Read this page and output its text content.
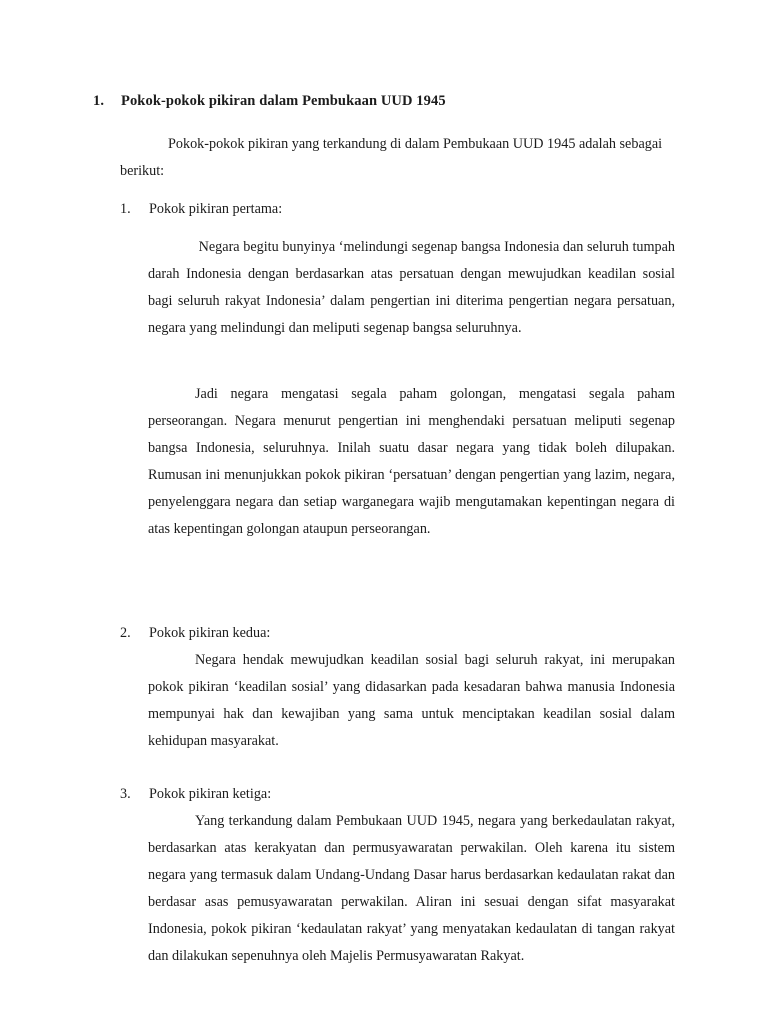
1. Pokok-pokok pikiran dalam Pembukaan UUD 1945
Pokok-pokok pikiran yang terkandung di dalam Pembukaan UUD 1945 adalah sebagai berikut:
1. Pokok pikiran pertama:
Negara begitu bunyinya ‘melindungi segenap bangsa Indonesia dan seluruh tumpah darah Indonesia dengan berdasarkan atas persatuan dengan mewujudkan keadilan sosial bagi seluruh rakyat Indonesia’ dalam pengertian ini diterima pengertian negara persatuan, negara yang melindungi dan meliputi segenap bangsa seluruhnya.
Jadi negara mengatasi segala paham golongan, mengatasi segala paham perseorangan. Negara menurut pengertian ini menghendaki persatuan meliputi segenap bangsa Indonesia, seluruhnya. Inilah suatu dasar negara yang tidak boleh dilupakan. Rumusan ini menunjukkan pokok pikiran ‘persatuan’ dengan pengertian yang lazim, negara, penyelenggara negara dan setiap warganegara wajib mengutamakan kepentingan negara di atas kepentingan golongan ataupun perseorangan.
2. Pokok pikiran kedua:
Negara hendak mewujudkan keadilan sosial bagi seluruh rakyat, ini merupakan pokok pikiran ‘keadilan sosial’ yang didasarkan pada kesadaran bahwa manusia Indonesia mempunyai hak dan kewajiban yang sama untuk menciptakan keadilan sosial dalam kehidupan masyarakat.
3. Pokok pikiran ketiga:
Yang terkandung dalam Pembukaan UUD 1945, negara yang berkedaulatan rakyat, berdasarkan atas kerakyatan dan permusyawaratan perwakilan. Oleh karena itu sistem negara yang termasuk dalam Undang-Undang Dasar harus berdasarkan kedaulatan rakat dan berdasar asas pemusyawaratan perwakilan. Aliran ini sesuai dengan sifat masyarakat Indonesia, pokok pikiran ‘kedaulatan rakyat’ yang menyatakan kedaulatan di tangan rakyat dan dilakukan sepenuhnya oleh Majelis Permusyawaratan Rakyat.
